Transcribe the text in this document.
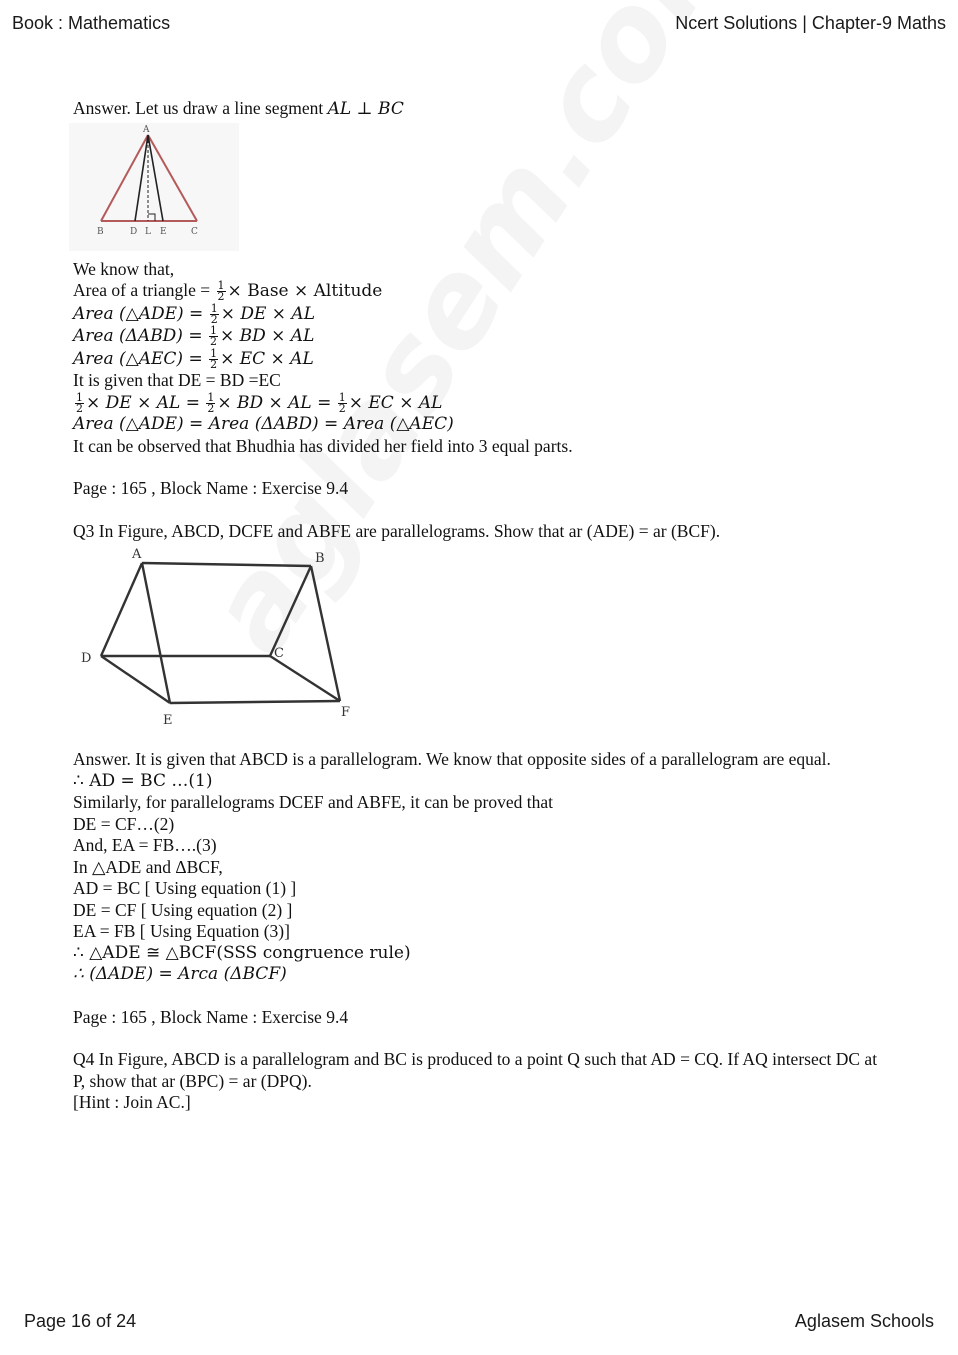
Book : Mathematics	Ncert Solutions | Chapter-9 Maths
Answer. Let us draw a line segment AL ⊥ BC
A
B	D L E	C
We know that,
Area of a triangle = $\frac{1}{2}$ × Base × Altitude
Area (△ADE) = $\frac{1}{2}$ × DE × AL
Area $(\Delta ABD) = \frac{1}{2}$ × BD × AL
Area (△AEC) = $\frac{1}{2}$ × EC × AL
It is given that DE = BD =EC
$\frac{1}{2}$ × DE × AL = $\frac{1}{2}$ × BD × AL = $\frac{1}{2}$ × EC × AL
Area (△ADE) = Area (ΔABD) = Area (△AEC)
It can be observed that Bhudhia has divided her field into 3 equal parts.
Page : 165 , Block Name : Exercise 9.4
Q3 In Figure, ABCD, DCFE and ABFE are parallelograms. Show that ar (ADE) = ar (BCF).
A	B
C
D
E
F
Answer. It is given that ABCD is a parallelogram. We know that opposite sides of a parallelogram are equal.
∴ AD = BC …(1)
Similarly, for parallelograms DCEF and ABFE, it can be proved that
DE = CF…(2)
And, EA = FB….(3)
In △ADE and ΔBCF,
AD = BC [ Using equation (1) ]
DE = CF [ Using equation (2) ]
EA = FB [ Using Equation (3)]
∴ △ADE ≅ △BCF(SSS congruence rule)
∴ (ΔADE) = Arca (ΔBCF)
Page : 165 , Block Name : Exercise 9.4
Q4 In Figure, ABCD is a parallelogram and BC is produced to a point Q such that AD = CQ. If AQ intersect DC at P, show that ar (BPC) = ar (DPQ).
[Hint : Join AC.]
Page 16 of 24	Aglasem Schools
